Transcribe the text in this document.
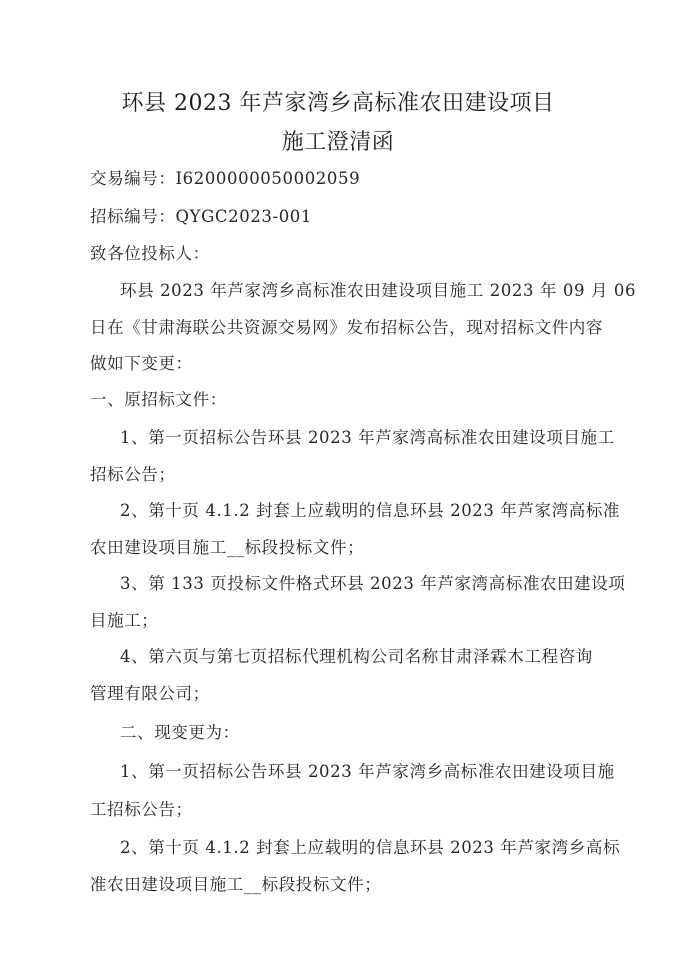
环县 2023 年芦家湾乡高标准农田建设项目
施工澄清函
交易编号：I6200000050002059
招标编号：QYGC2023-001
致各位投标人：
环县 2023 年芦家湾乡高标准农田建设项目施工 2023 年 09 月 06
日在《甘肃海联公共资源交易网》发布招标公告，现对招标文件内容
做如下变更：
一、原招标文件：
1、第一页招标公告环县 2023 年芦家湾高标准农田建设项目施工
招标公告；
2、第十页 4.1.2 封套上应载明的信息环县 2023 年芦家湾高标准
农田建设项目施工__标段投标文件；
3、第 133 页投标文件格式环县 2023 年芦家湾高标准农田建设项
目施工；
4、第六页与第七页招标代理机构公司名称甘肃泽霖木工程咨询
管理有限公司；
二、现变更为：
1、第一页招标公告环县 2023 年芦家湾乡高标准农田建设项目施
工招标公告；
2、第十页 4.1.2 封套上应载明的信息环县 2023 年芦家湾乡高标
准农田建设项目施工__标段投标文件；
